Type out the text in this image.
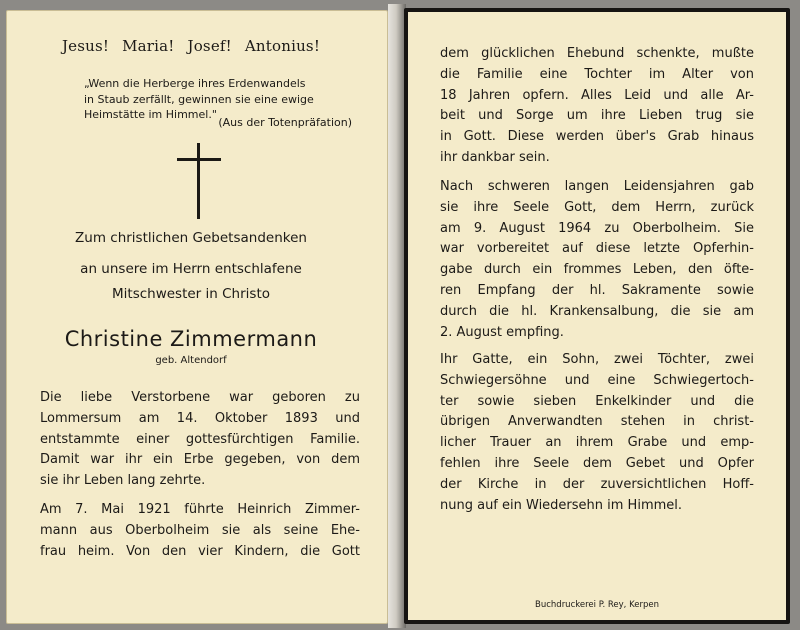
Jesus! Maria! Josef! Antonius!
„Wenn die Herberge ihres Erdenwandels
in Staub zerfällt, gewinnen sie eine ewige
Heimstätte im Himmel."
(Aus der Totenpräfation)
Zum christlichen Gebetsandenken
an unsere im Herrn entschlafene
Mitschwester in Christo
Christine Zimmermann
geb. Altendorf
Die liebe Verstorbene war geboren zu
Lommersum am 14. Oktober 1893 und
entstammte einer gottesfürchtigen Familie.
Damit war ihr ein Erbe gegeben, von dem
sie ihr Leben lang zehrte.
Am 7. Mai 1921 führte Heinrich Zimmer-
mann aus Oberbolheim sie als seine Ehe-
frau heim. Von den vier Kindern, die Gott
dem glücklichen Ehebund schenkte, mußte
die Familie eine Tochter im Alter von
18 Jahren opfern. Alles Leid und alle Ar-
beit und Sorge um ihre Lieben trug sie
in Gott. Diese werden über's Grab hinaus
ihr dankbar sein.
Nach schweren langen Leidensjahren gab
sie ihre Seele Gott, dem Herrn, zurück
am 9. August 1964 zu Oberbolheim. Sie
war vorbereitet auf diese letzte Opferhin-
gabe durch ein frommes Leben, den öfte-
ren Empfang der hl. Sakramente sowie
durch die hl. Krankensalbung, die sie am
2. August empfing.
Ihr Gatte, ein Sohn, zwei Töchter, zwei
Schwiegersöhne und eine Schwiegertoch-
ter sowie sieben Enkelkinder und die
übrigen Anverwandten stehen in christ-
licher Trauer an ihrem Grabe und emp-
fehlen ihre Seele dem Gebet und Opfer
der Kirche in der zuversichtlichen Hoff-
nung auf ein Wiedersehn im Himmel.
Buchdruckerei P. Rey, Kerpen
